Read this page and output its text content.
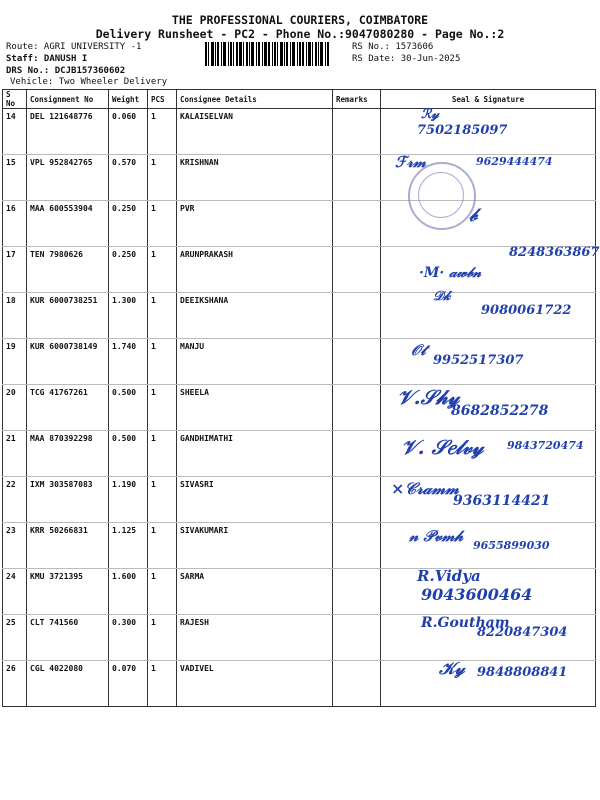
THE PROFESSIONAL COURIERS, COIMBATORE
Delivery Runsheet - PC2 - Phone No.:9047080280 - Page No.:2
Route: AGRI UNIVERSITY -1
Staff: DANUSH I
DRS No.: DCJB157360602
Vehicle: Two Wheeler Delivery
RS No.: 1573606
RS Date: 30-Jun-2025
S No	Consignment No	Weight	PCS	Consignee Details	Remarks	Seal & Signature
14	DEL 121648776	0.060	1	KALAISELVAN		ℛ𝓎
7502185097

15	VPL 952842765	0.570	1	KRISHNAN		ℱ𝓇𝓂 9629444474

16	MAA 600553904	0.250	1	PVR		𝒷

17	TEN 7980626	0.250	1	ARUNPRAKASH		8248363867
·M· 𝒶𝓌𝒷𝓃

18	KUR 6000738251	1.300	1	DEEIKSHANA		𝒟𝓀
9080061722

19	KUR 6000738149	1.740	1	MANJU		𝒪𝓉
9952517307

20	TCG 41767261	0.500	1	SHEELA		𝒱.𝒮𝒽𝓎
8682852278

21	MAA 870392298	0.500	1	GANDHIMATHI		𝒱. 𝒮𝑒𝓁𝓋𝓎 9843720474

22	IXM 303587083	1.190	1	SIVASRI		×𝒞𝓇𝒶𝓂𝓂
9363114421

23	KRR 50266831	1.125	1	SIVAKUMARI		𝓃 𝒫𝓋𝓂𝒽
9655899030

24	KMU 3721395	1.600	1	SARMA		R.Vidya
9043600464

25	CLT 741560	0.300	1	RAJESH		R.Goutham
8220847304

26	CGL 4022080	0.070	1	VADIVEL		𝒦𝓎 9848808841
